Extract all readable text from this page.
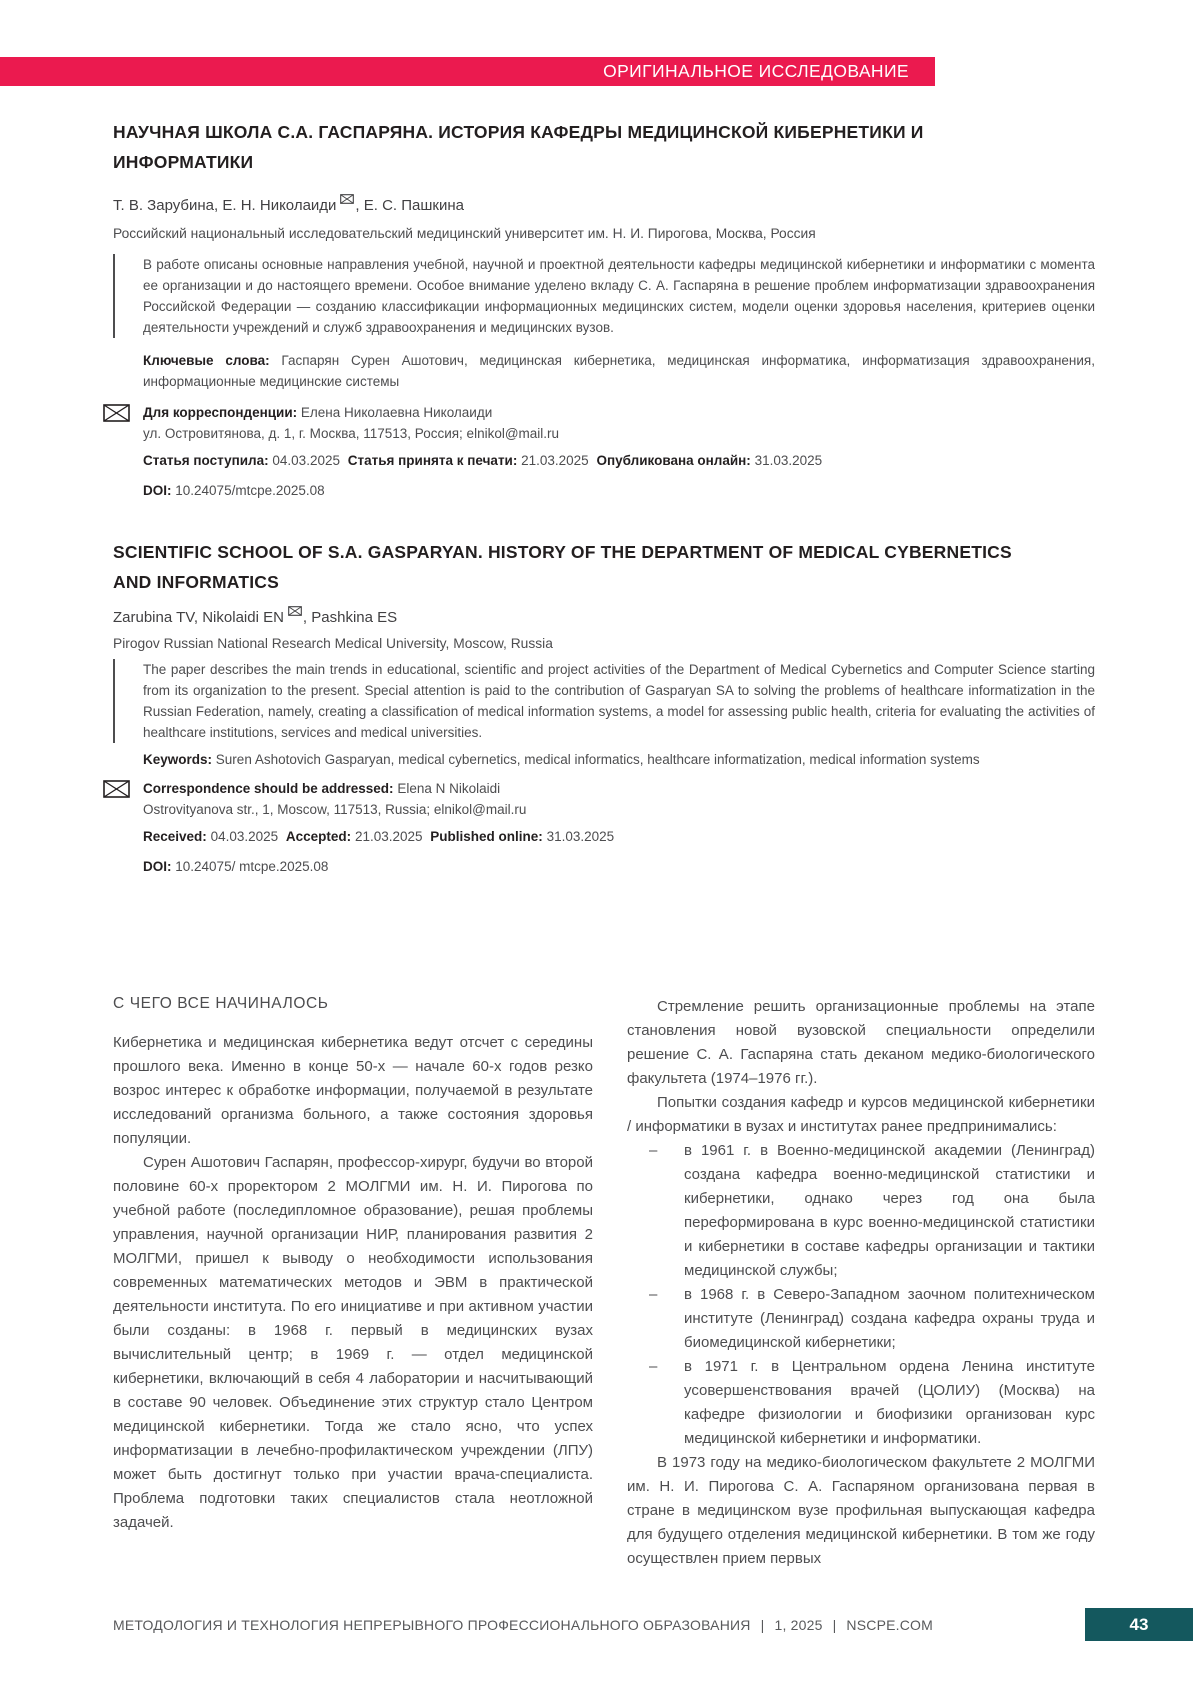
ОРИГИНАЛЬНОЕ ИССЛЕДОВАНИЕ
НАУЧНАЯ ШКОЛА С.А. ГАСПАРЯНА. ИСТОРИЯ КАФЕДРЫ МЕДИЦИНСКОЙ КИБЕРНЕТИКИ И ИНФОРМАТИКИ
Т. В. Зарубина, Е. Н. Николаиди , Е. С. Пашкина
Российский национальный исследовательский медицинский университет им. Н. И. Пирогова, Москва, Россия
В работе описаны основные направления учебной, научной и проектной деятельности кафедры медицинской кибернетики и информатики с момента ее организации и до настоящего времени. Особое внимание уделено вкладу С. А. Гаспаряна в решение проблем информатизации здравоохранения Российской Федерации — созданию классификации информационных медицинских систем, модели оценки здоровья населения, критериев оценки деятельности учреждений и служб здравоохранения и медицинских вузов.
Ключевые слова: Гаспарян Сурен Ашотович, медицинская кибернетика, медицинская информатика, информатизация здравоохранения, информационные медицинские системы
Для корреспонденции: Елена Николаевна Николаиди
ул. Островитянова, д. 1, г. Москва, 117513, Россия; elnikol@mail.ru
Статья поступила: 04.03.2025 Статья принята к печати: 21.03.2025 Опубликована онлайн: 31.03.2025
DOI: 10.24075/mtcpe.2025.08
SCIENTIFIC SCHOOL OF S.A. GASPARYAN. HISTORY OF THE DEPARTMENT OF MEDICAL CYBERNETICS AND INFORMATICS
Zarubina TV, Nikolaidi EN , Pashkina ES
Pirogov Russian National Research Medical University, Moscow, Russia
The paper describes the main trends in educational, scientific and project activities of the Department of Medical Cybernetics and Computer Science starting from its organization to the present. Special attention is paid to the contribution of Gasparyan SA to solving the problems of healthcare informatization in the Russian Federation, namely, creating a classification of medical information systems, a model for assessing public health, criteria for evaluating the activities of healthcare institutions, services and medical universities.
Keywords: Suren Ashotovich Gasparyan, medical cybernetics, medical informatics, healthcare informatization, medical information systems
Correspondence should be addressed: Elena N Nikolaidi
Ostrovityanova str., 1, Moscow, 117513, Russia; elnikol@mail.ru
Received: 04.03.2025 Accepted: 21.03.2025 Published online: 31.03.2025
DOI: 10.24075/ mtcpe.2025.08
С ЧЕГО ВСЕ НАЧИНАЛОСЬ
Кибернетика и медицинская кибернетика ведут отсчет с середины прошлого века. Именно в конце 50-х — начале 60-х годов резко возрос интерес к обработке информации, получаемой в результате исследований организма больного, а также состояния здоровья популяции.
Сурен Ашотович Гаспарян, профессор-хирург, будучи во второй половине 60-х проректором 2 МОЛГМИ им. Н. И. Пирогова по учебной работе (последипломное образование), решая проблемы управления, научной организации НИР, планирования развития 2 МОЛГМИ, пришел к выводу о необходимости использования современных математических методов и ЭВМ в практической деятельности института. По его инициативе и при активном участии были созданы: в 1968 г. первый в медицинских вузах вычислительный центр; в 1969 г. — отдел медицинской кибернетики, включающий в себя 4 лаборатории и насчитывающий в составе 90 человек. Объединение этих структур стало Центром медицинской кибернетики. Тогда же стало ясно, что успех информатизации в лечебно-профилактическом учреждении (ЛПУ) может быть достигнут только при участии врача-специалиста. Проблема подготовки таких специалистов стала неотложной задачей.
Стремление решить организационные проблемы на этапе становления новой вузовской специальности определили решение С. А. Гаспаряна стать деканом медико-биологического факультета (1974–1976 гг.).
Попытки создания кафедр и курсов медицинской кибернетики / информатики в вузах и институтах ранее предпринимались:
– в 1961 г. в Военно-медицинской академии (Ленинград) создана кафедра военно-медицинской статистики и кибернетики, однако через год она была переформирована в курс военно-медицинской статистики и кибернетики в составе кафедры организации и тактики медицинской службы;
– в 1968 г. в Северо-Западном заочном политехническом институте (Ленинград) создана кафедра охраны труда и биомедицинской кибернетики;
– в 1971 г. в Центральном ордена Ленина институте усовершенствования врачей (ЦОЛИУ) (Москва) на кафедре физиологии и биофизики организован курс медицинской кибернетики и информатики.
В 1973 году на медико-биологическом факультете 2 МОЛГМИ им. Н. И. Пирогова С. А. Гаспаряном организована первая в стране в медицинском вузе профильная выпускающая кафедра для будущего отделения медицинской кибернетики. В том же году осуществлен прием первых
МЕТОДОЛОГИЯ И ТЕХНОЛОГИЯ НЕПРЕРЫВНОГО ПРОФЕССИОНАЛЬНОГО ОБРАЗОВАНИЯ | 1, 2025 | NSCPE.COM	43
